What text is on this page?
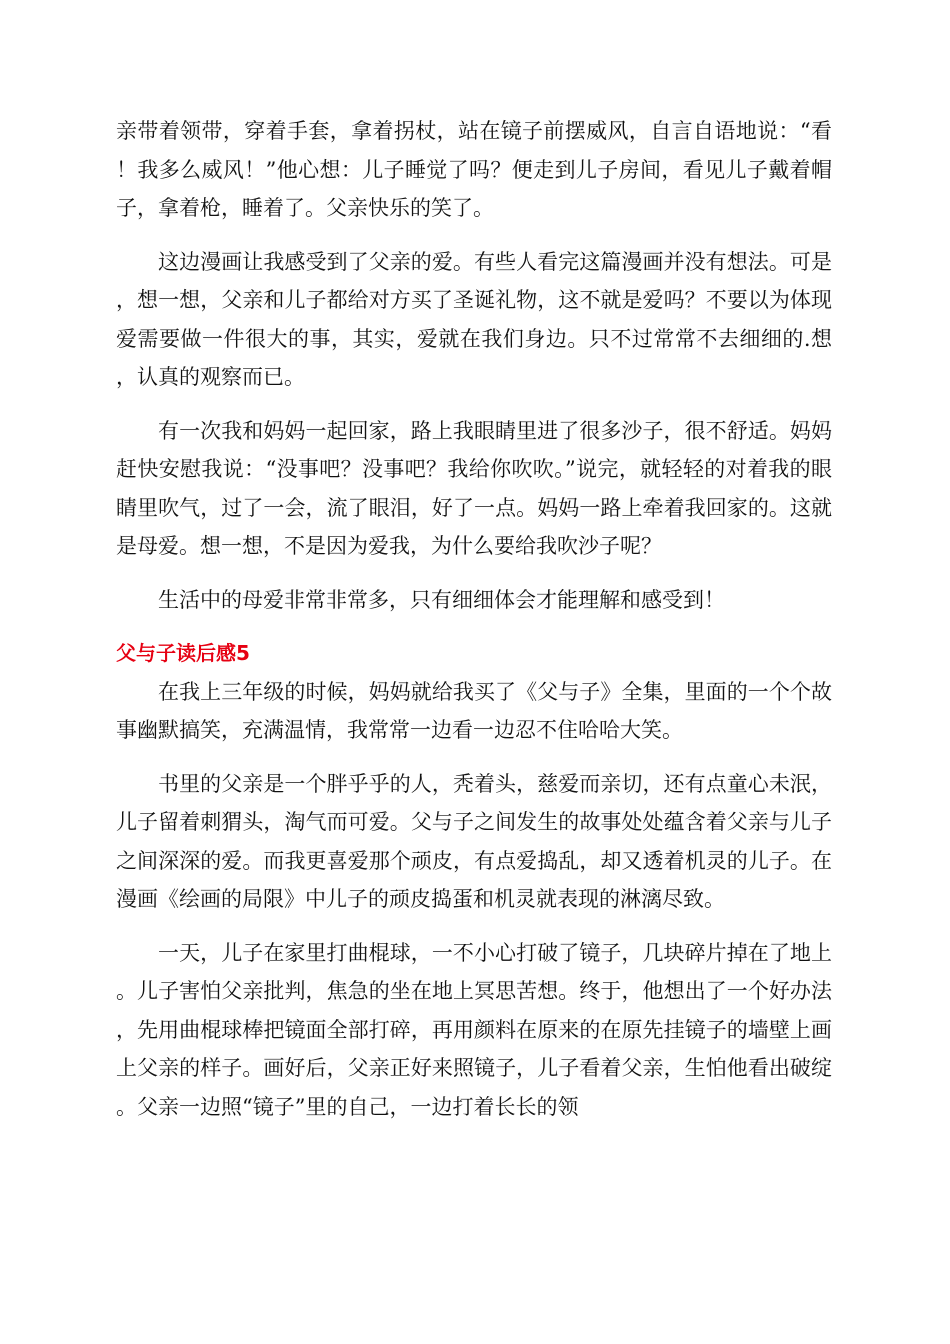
亲带着领带，穿着手套，拿着拐杖，站在镜子前摆威风，自言自语地说：“看！我多么威风！”他心想：儿子睡觉了吗？便走到儿子房间，看见儿子戴着帽子，拿着枪，睡着了。父亲快乐的笑了。

这边漫画让我感受到了父亲的爱。有些人看完这篇漫画并没有想法。可是，想一想，父亲和儿子都给对方买了圣诞礼物，这不就是爱吗？不要以为体现爱需要做一件很大的事，其实，爱就在我们身边。只不过常常不去细细的.想，认真的观察而已。

有一次我和妈妈一起回家，路上我眼睛里进了很多沙子，很不舒适。妈妈赶快安慰我说：“没事吧？没事吧？我给你吹吹。”说完，就轻轻的对着我的眼睛里吹气，过了一会，流了眼泪，好了一点。妈妈一路上牵着我回家的。这就是母爱。想一想，不是因为爱我，为什么要给我吹沙子呢？

生活中的母爱非常非常多，只有细细体会才能理解和感受到！

父与子读后感5

在我上三年级的时候，妈妈就给我买了《父与子》全集，里面的一个个故事幽默搞笑，充满温情，我常常一边看一边忍不住哈哈大笑。

书里的父亲是一个胖乎乎的人，秃着头，慈爱而亲切，还有点童心未泯，儿子留着刺猬头，淘气而可爱。父与子之间发生的故事处处蕴含着父亲与儿子之间深深的爱。而我更喜爱那个顽皮，有点爱捣乱，却又透着机灵的儿子。在漫画《绘画的局限》中儿子的顽皮捣蛋和机灵就表现的淋漓尽致。

一天，儿子在家里打曲棍球，一不小心打破了镜子，几块碎片掉在了地上。儿子害怕父亲批判，焦急的坐在地上冥思苦想。终于，他想出了一个好办法，先用曲棍球棒把镜面全部打碎，再用颜料在原来的在原先挂镜子的墙壁上画上父亲的样子。画好后，父亲正好来照镜子，儿子看着父亲，生怕他看出破绽。父亲一边照“镜子”里的自己，一边打着长长的领
